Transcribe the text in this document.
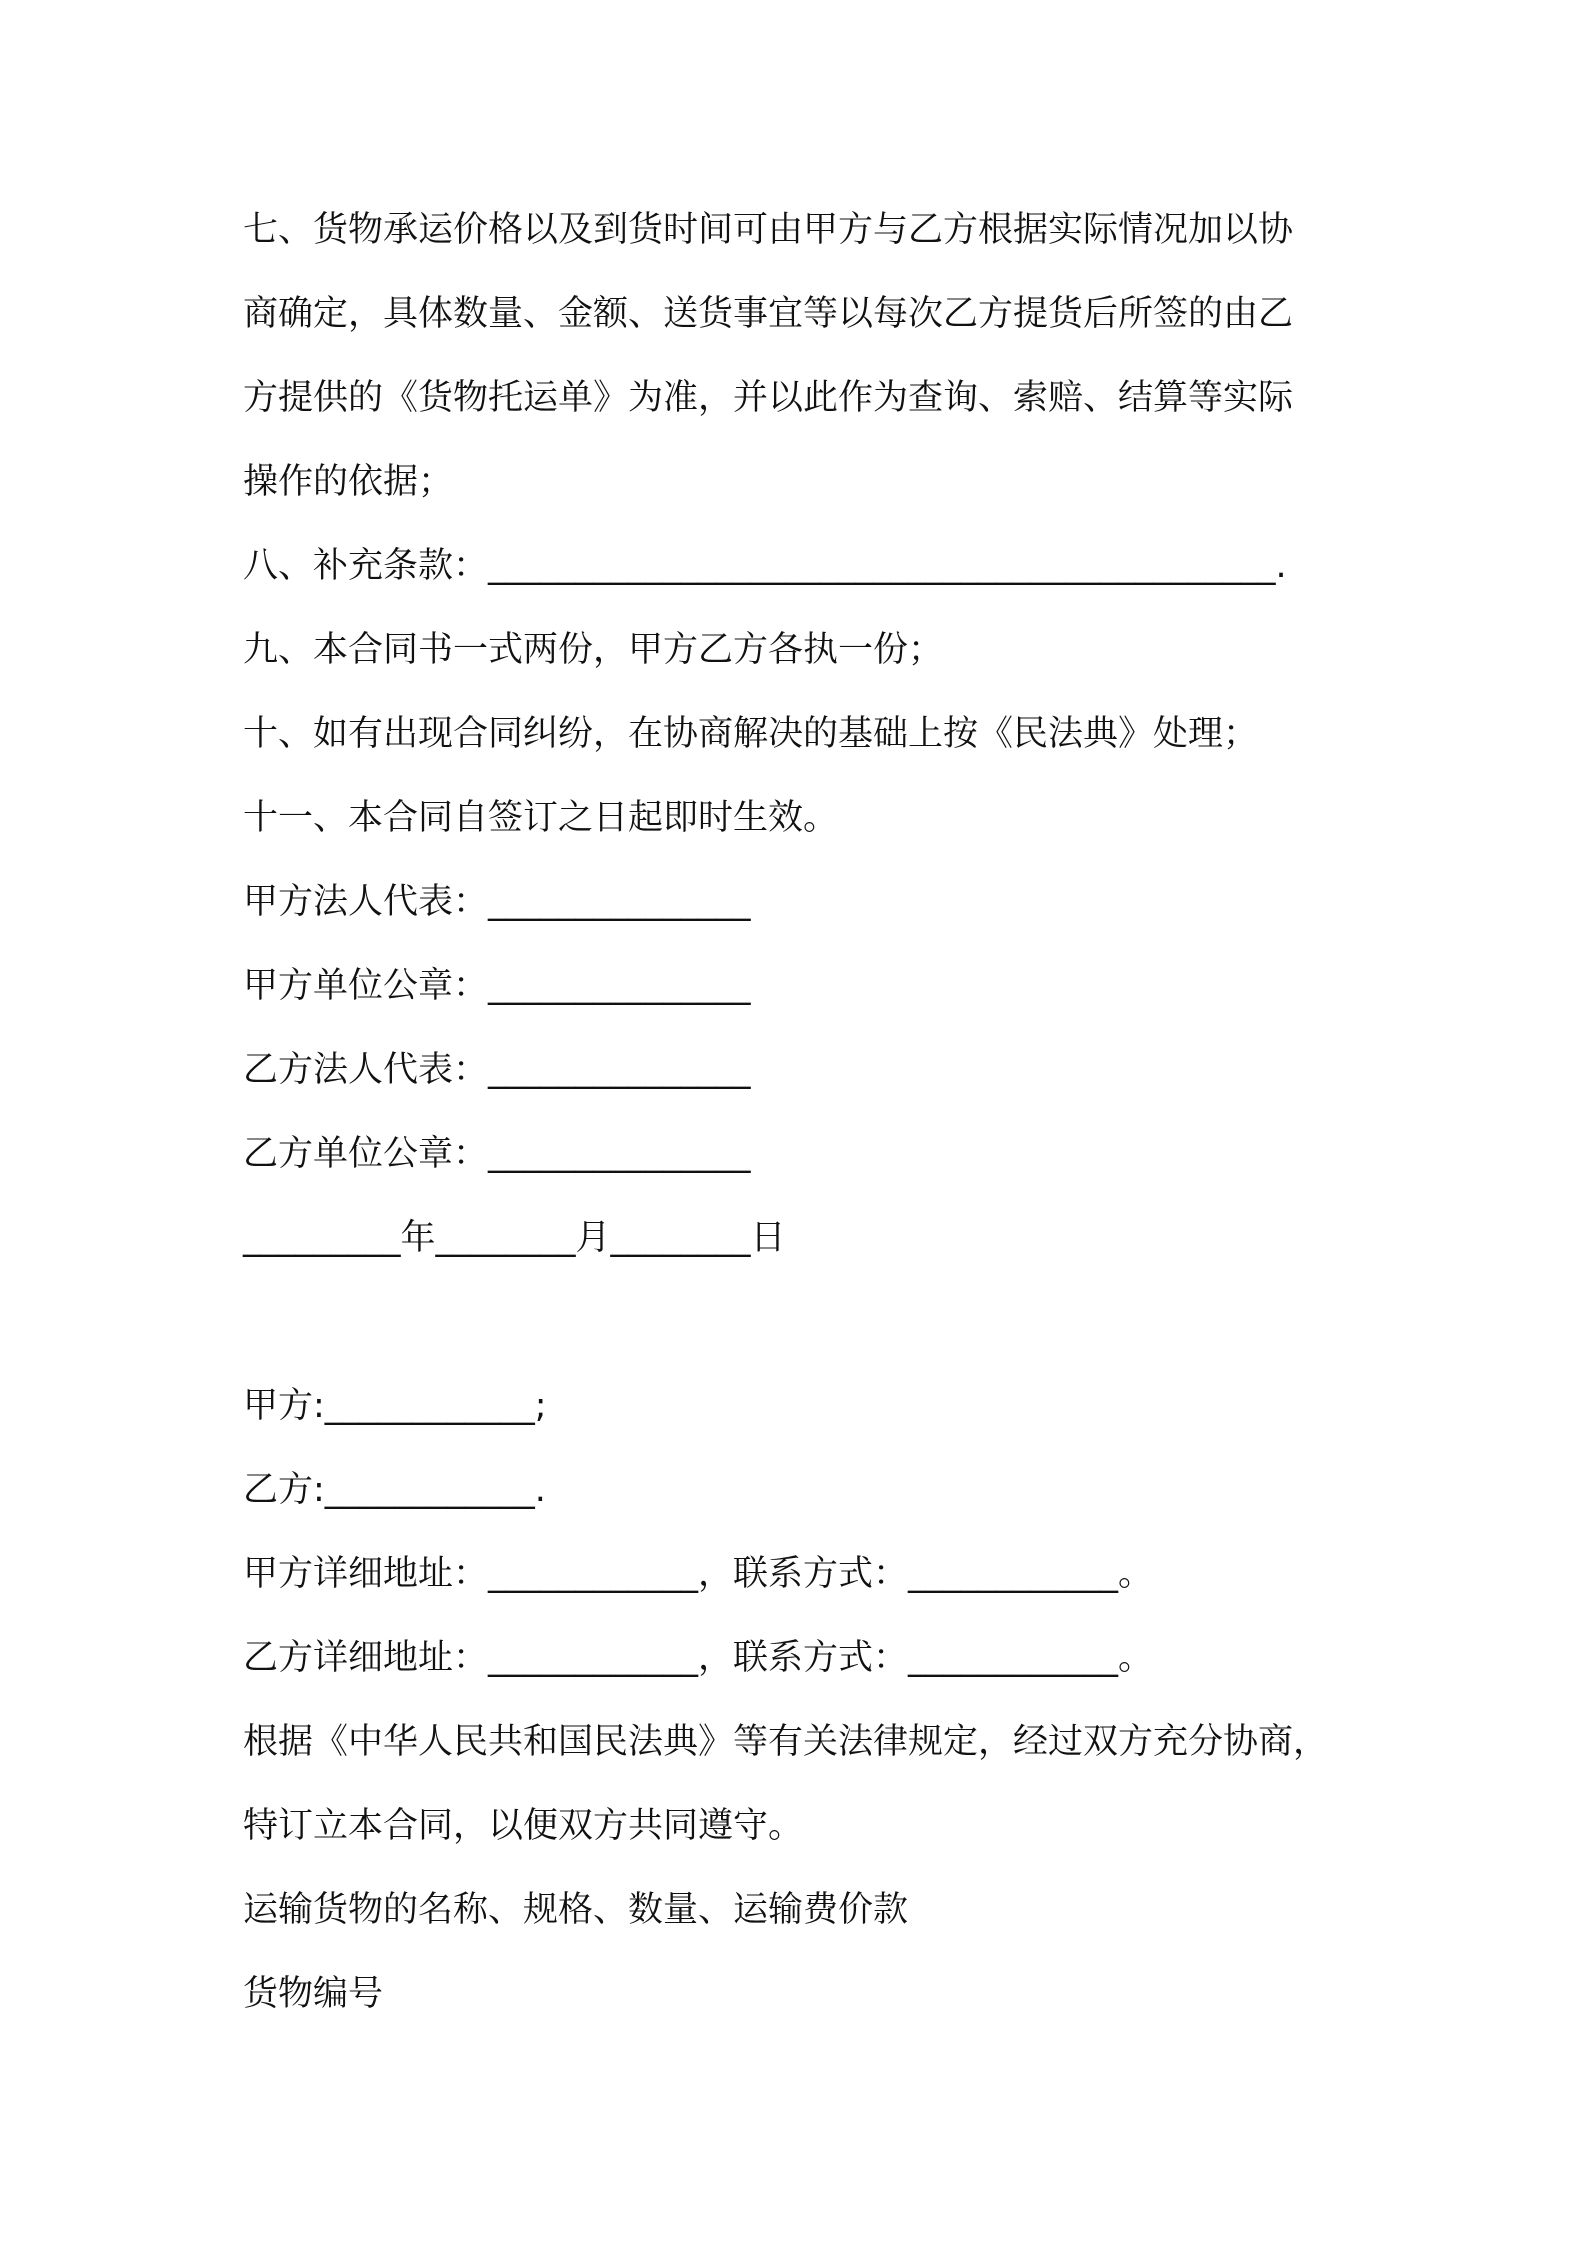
七、货物承运价格以及到货时间可由甲方与乙方根据实际情况加以协
商确定，具体数量、金额、送货事宜等以每次乙方提货后所签的由乙
方提供的《货物托运单》为准，并以此作为查询、索赔、结算等实际
操作的依据；
八、补充条款：_____________________________________________.
九、本合同书一式两份，甲方乙方各执一份；
十、如有出现合同纠纷，在协商解决的基础上按《民法典》处理；
十一、本合同自签订之日起即时生效。
甲方法人代表：_______________
甲方单位公章：_______________
乙方法人代表：_______________
乙方单位公章：_______________
_________年________月________日
甲方:____________;
乙方:____________.
甲方详细地址：____________，联系方式：____________。
乙方详细地址：____________，联系方式：____________。
根据《中华人民共和国民法典》等有关法律规定，经过双方充分协商，
特订立本合同，以便双方共同遵守。
运输货物的名称、规格、数量、运输费价款
货物编号
